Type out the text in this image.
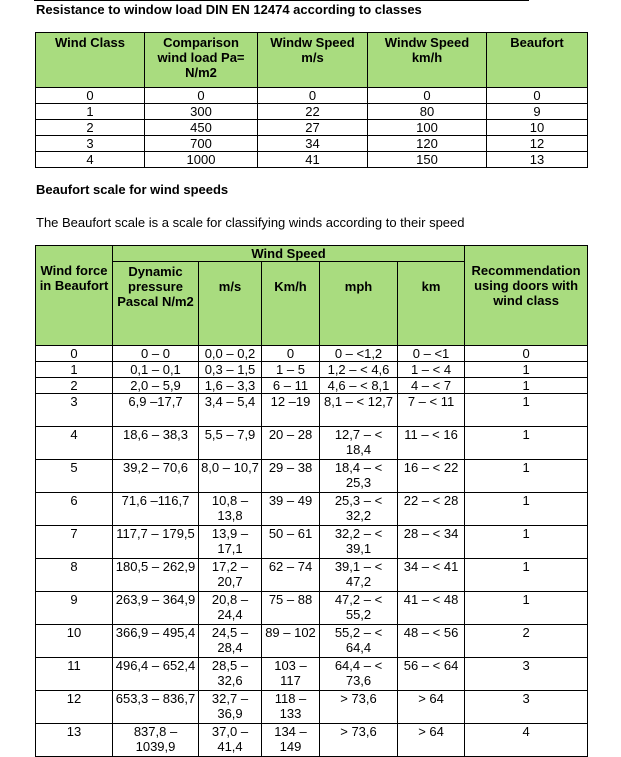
Resistance to window load DIN EN 12474 according to classes
Wind Class	Comparison wind load Pa= N/m2	Windw Speed m/s	Windw Speed km/h	Beaufort
0	0	0	0	0
1	300	22	80	9
2	450	27	100	10
3	700	34	120	12
4	1000	41	150	13
Beaufort scale for wind speeds
The Beaufort scale is a scale for classifying winds according to their speed
Wind force in Beaufort	Wind Speed					Recommendation using doors with wind class
	Dynamic pressure Pascal N/m2	m/s	Km/h	mph	km	
0	0 – 0	0,0 – 0,2	0	0 – <1,2	0 – <1	0
1	0,1 – 0,1	0,3 – 1,5	1 – 5	1,2 – < 4,6	1 – < 4	1
2	2,0 – 5,9	1,6 – 3,3	6 – 11	4,6 – < 8,1	4 – < 7	1
3	6,9 –17,7	3,4 – 5,4	12 –19	8,1 – < 12,7	7 – < 11	1
4	18,6 – 38,3	5,5 – 7,9	20 – 28	12,7 – < 18,4	11 – < 16	1
5	39,2 – 70,6	8,0 – 10,7	29 – 38	18,4 – < 25,3	16 – < 22	1
6	71,6 –116,7	10,8 – 13,8	39 – 49	25,3 – < 32,2	22 – < 28	1
7	117,7 – 179,5	13,9 – 17,1	50 – 61	32,2 – < 39,1	28 – < 34	1
8	180,5 – 262,9	17,2 – 20,7	62 – 74	39,1 – < 47,2	34 – < 41	1
9	263,9 – 364,9	20,8 – 24,4	75 – 88	47,2 – < 55,2	41 – < 48	1
10	366,9 – 495,4	24,5 – 28,4	89 – 102	55,2 – < 64,4	48 – < 56	2
11	496,4 – 652,4	28,5 – 32,6	103 – 117	64,4 – < 73,6	56 – < 64	3
12	653,3 – 836,7	32,7 – 36,9	118 – 133	> 73,6	> 64	3
13	837,8 – 1039,9	37,0 – 41,4	134 – 149	> 73,6	> 64	4
